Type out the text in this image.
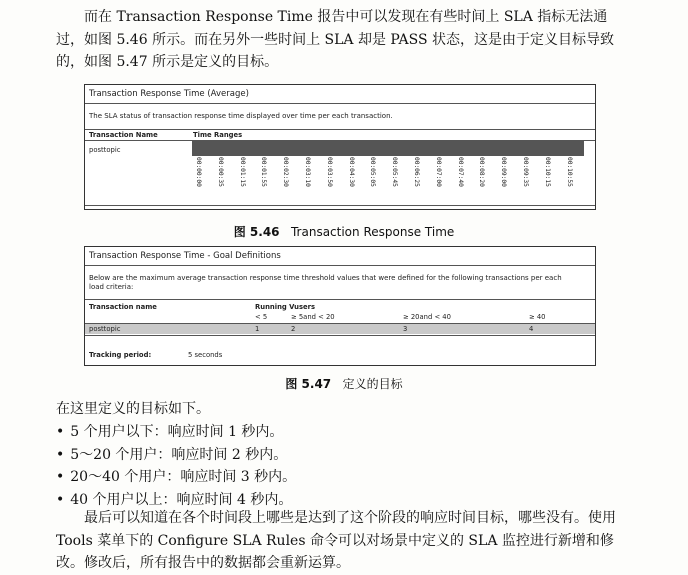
而在 Transaction Response Time 报告中可以发现在有些时间上 SLA 指标无法通过，如图 5.46 所示。而在另外一些时间上 SLA 却是 PASS 状态，这是由于定义目标导致的，如图 5.47 所示是定义的目标。
Transaction Response Time (Average)
The SLA status of transaction response time displayed over time per each transaction.
Transaction Name	Time Ranges
posttopic
00:00:00 00:00:35 00:01:15 00:01:55 00:02:30 00:03:10 00:03:50 00:04:30 00:05:05 00:05:45 00:06:25 00:07:00 00:07:40 00:08:20 00:09:00 00:09:35 00:10:15 00:10:55
图 5.46 Transaction Response Time
Transaction Response Time - Goal Definitions
Below are the maximum average transaction response time threshold values that were defined for the following transactions per each load criteria:
Transaction name	Running Vusers
< 5	≥ 5and < 20	≥ 20and < 40	≥ 40
posttopic	1	2	3	4
Tracking period:	5 seconds
图 5.47 定义的目标
在这里定义的目标如下。
• 5 个用户以下：响应时间 1 秒内。
• 5～20 个用户：响应时间 2 秒内。
• 20～40 个用户：响应时间 3 秒内。
• 40 个用户以上：响应时间 4 秒内。
最后可以知道在各个时间段上哪些是达到了这个阶段的响应时间目标，哪些没有。使用 Tools 菜单下的 Configure SLA Rules 命令可以对场景中定义的 SLA 监控进行新增和修改。修改后，所有报告中的数据都会重新运算。
